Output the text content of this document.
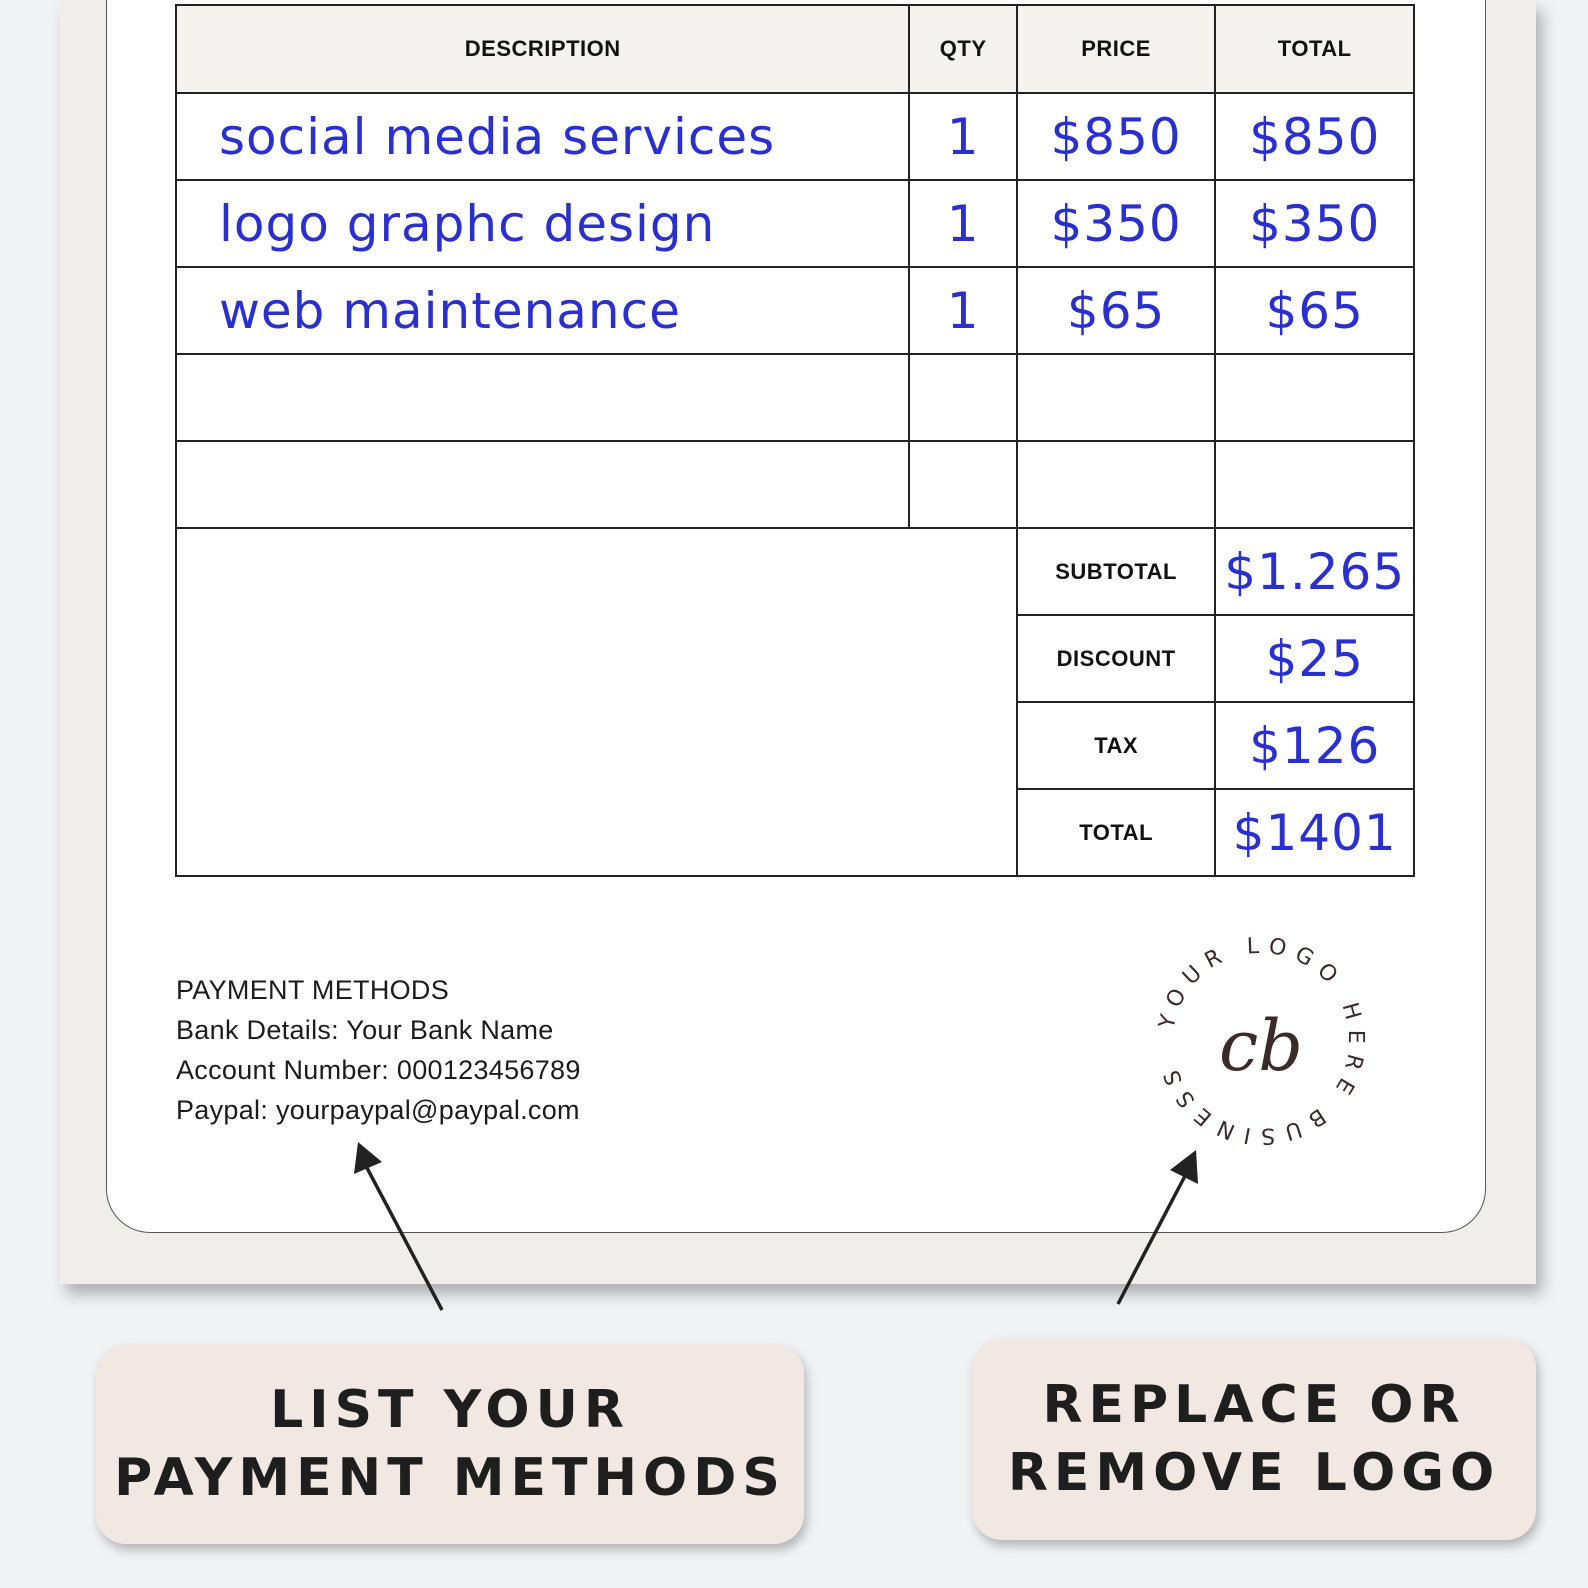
DESCRIPTION	QTY	PRICE	TOTAL
social media services	1	$850	$850
logo graphc design	1	$350	$350
web maintenance	1	$65	$65

		SUBTOTAL	$1.265
		DISCOUNT	$25
		TAX	$126
		TOTAL	$1401
PAYMENT METHODS
Bank Details: Your Bank Name
Account Number: 000123456789
Paypal: yourpaypal@paypal.com
YOUR LOGO HERE BUSINESS cb
LIST YOUR
PAYMENT METHODS
REPLACE OR
REMOVE LOGO
